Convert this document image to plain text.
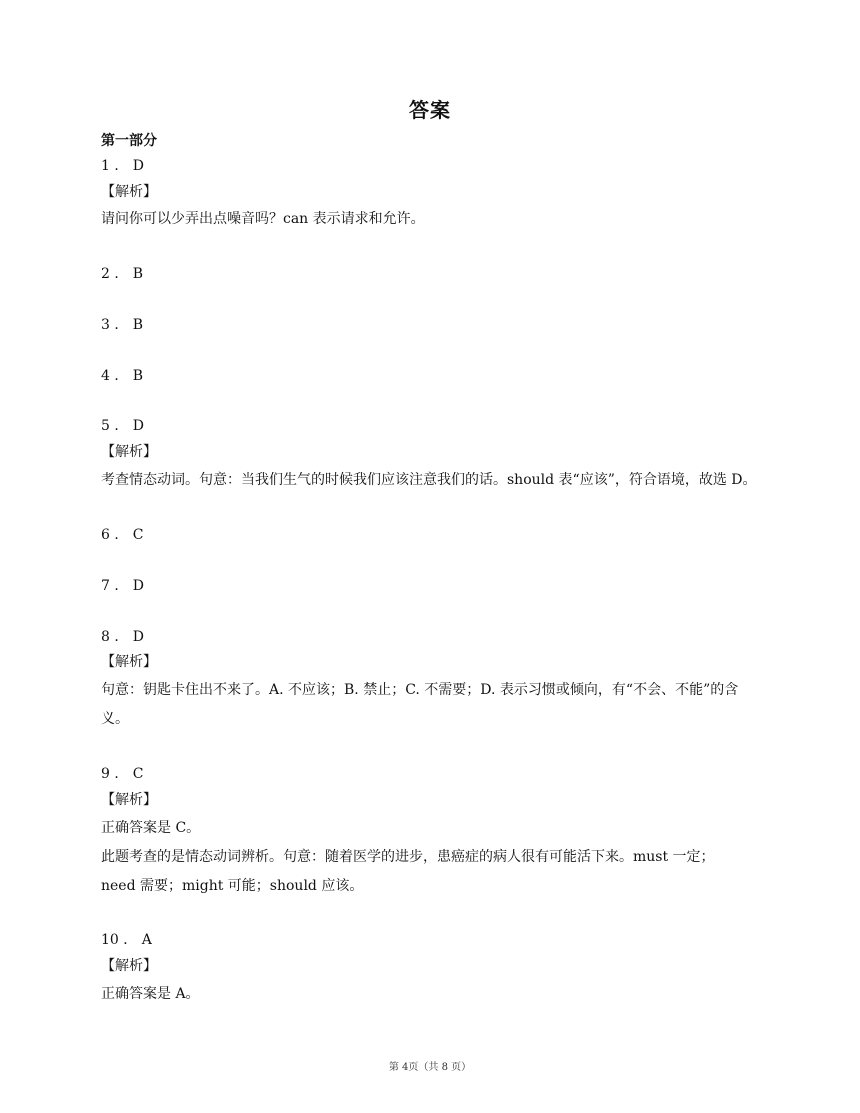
答案
第一部分
1 ． D
【解析】
请问你可以少弄出点噪音吗？can 表示请求和允许。
2 ． B
3 ． B
4 ． B
5 ． D
【解析】
考查情态动词。句意：当我们生气的时候我们应该注意我们的话。should 表“应该”，符合语境，故选 D。
6 ． C
7 ． D
8 ． D
【解析】
句意：钥匙卡住出不来了。A. 不应该；B. 禁止；C. 不需要；D. 表示习惯或倾向，有“不会、不能”的含
义。
9 ． C
【解析】
正确答案是 C。
此题考查的是情态动词辨析。句意：随着医学的进步，患癌症的病人很有可能活下来。must 一定；
need 需要；might 可能；should 应该。
10 ． A
【解析】
正确答案是 A。
第 4页（共 8 页）
